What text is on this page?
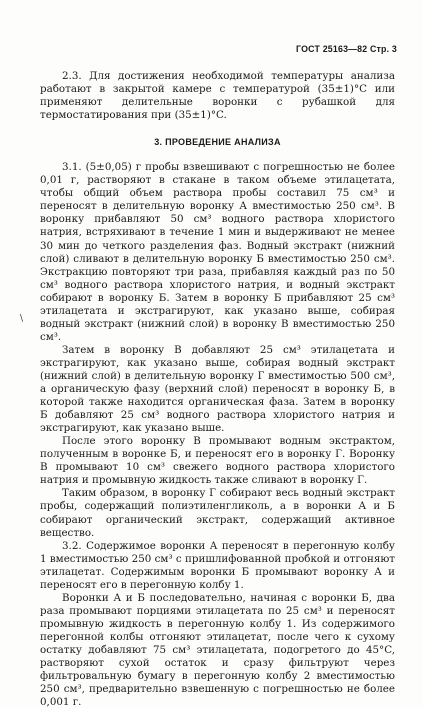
ГОСТ 25163—82 Стр. 3
\

2.3. Для достижения необходимой температуры анализа работают в закрытой камере с температурой (35±1)°C или применяют делительные воронки с рубашкой для термостатирования при (35±1)°C.

3. ПРОВЕДЕНИЕ АНАЛИЗА

3.1. (5±0,05) г пробы взвешивают с погрешностью не более 0,01 г, растворяют в стакане в таком объеме этилацетата, чтобы общий объем раствора пробы составил 75 см³ и переносят в делительную воронку А вместимостью 250 см³. В воронку прибавляют 50 см³ водного раствора хлористого натрия, встряхивают в течение 1 мин и выдерживают не менее 30 мин до четкого разделения фаз. Водный экстракт (нижний слой) сливают в делительную воронку Б вместимостью 250 см³. Экстракцию повторяют три раза, прибавляя каждый раз по 50 см³ водного раствора хлористого натрия, и водный экстракт собирают в воронку Б. Затем в воронку Б прибавляют 25 см³ этилацетата и экстрагируют, как указано выше, собирая водный экстракт (нижний слой) в воронку В вместимостью 250 см³.

Затем в воронку В добавляют 25 см³ этилацетата и экстрагируют, как указано выше, собирая водный экстракт (нижний слой) в делительную воронку Г вместимостью 500 см³, а органическую фазу (верхний слой) переносят в воронку Б, в которой также находится органическая фаза. Затем в воронку Б добавляют 25 см³ водного раствора хлористого натрия и экстрагируют, как указано выше.

После этого воронку В промывают водным экстрактом, полученным в воронке Б, и переносят его в воронку Г. Воронку В промывают 10 см³ свежего водного раствора хлористого натрия и промывную жидкость также сливают в воронку Г.

Таким образом, в воронку Г собирают весь водный экстракт пробы, содержащий полиэтиленгликоль, а в воронки А и Б собирают органический экстракт, содержащий активное вещество.

3.2. Содержимое воронки А переносят в перегонную колбу 1 вместимостью 250 см³ с пришлифованной пробкой и отгоняют этилацетат. Содержимым воронки Б промывают воронку А и переносят его в перегонную колбу 1.

Воронки А и Б последовательно, начиная с воронки Б, два раза промывают порциями этилацетата по 25 см³ и переносят промывную жидкость в перегонную колбу 1. Из содержимого перегонной колбы отгоняют этилацетат, после чего к сухому остатку добавляют 75 см³ этилацетата, подогретого до 45°C, растворяют сухой остаток и сразу фильтруют через фильтровальную бумагу в перегонную колбу 2 вместимостью 250 см³, предварительно взвешенную с погрешностью не более 0,001 г.
